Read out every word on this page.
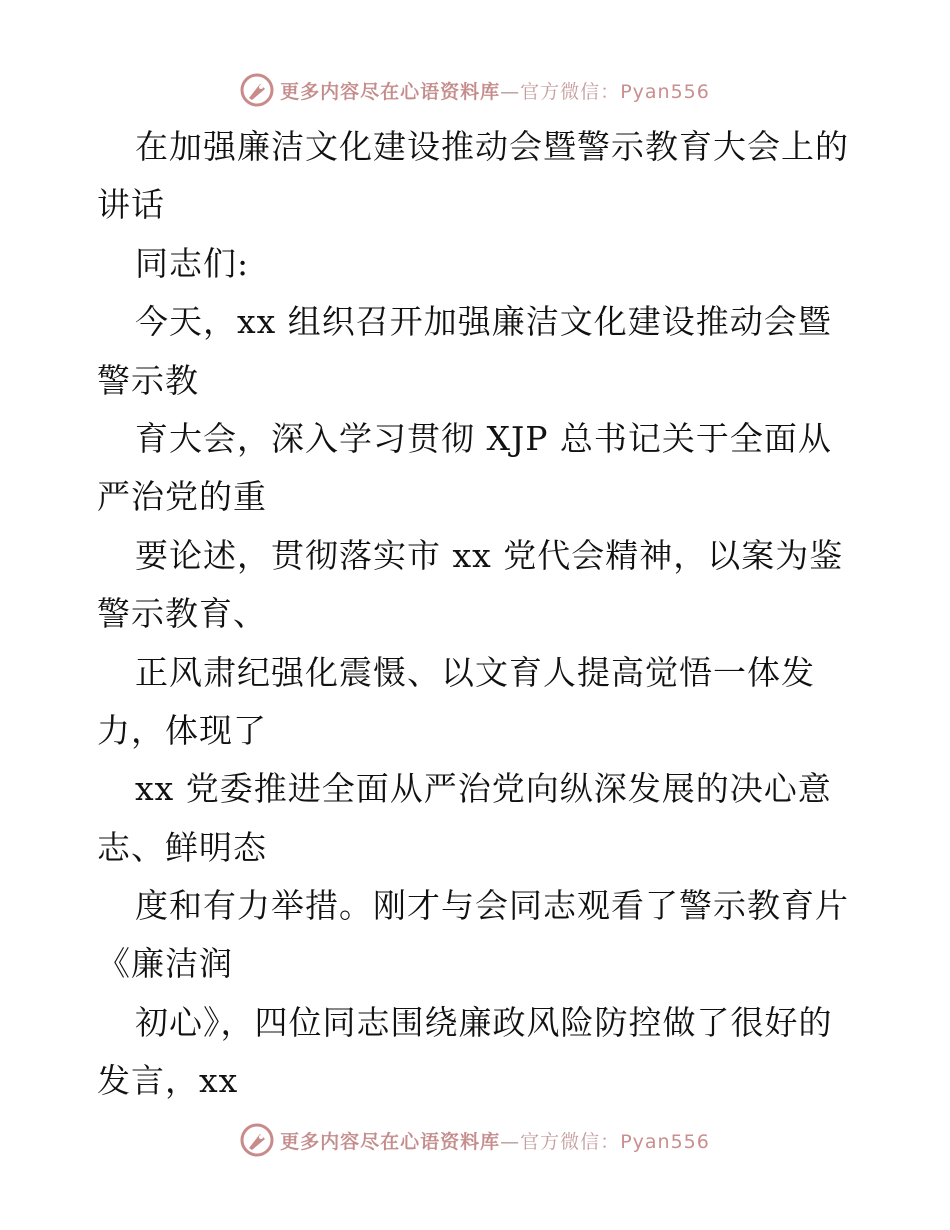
更多内容尽在心语资料库—官方微信：Pyan556
在加强廉洁文化建设推动会暨警示教育大会上的
讲话
同志们:
今天，xx 组织召开加强廉洁文化建设推动会暨
警示教
育大会，深入学习贯彻 XJP 总书记关于全面从
严治党的重
要论述，贯彻落实市 xx 党代会精神，以案为鉴
警示教育、
正风肃纪强化震慑、以文育人提高觉悟一体发
力，体现了
xx 党委推进全面从严治党向纵深发展的决心意
志、鲜明态
度和有力举措。刚才与会同志观看了警示教育片
《廉洁润
初心》，四位同志围绕廉政风险防控做了很好的
发言，xx
更多内容尽在心语资料库—官方微信：Pyan556
